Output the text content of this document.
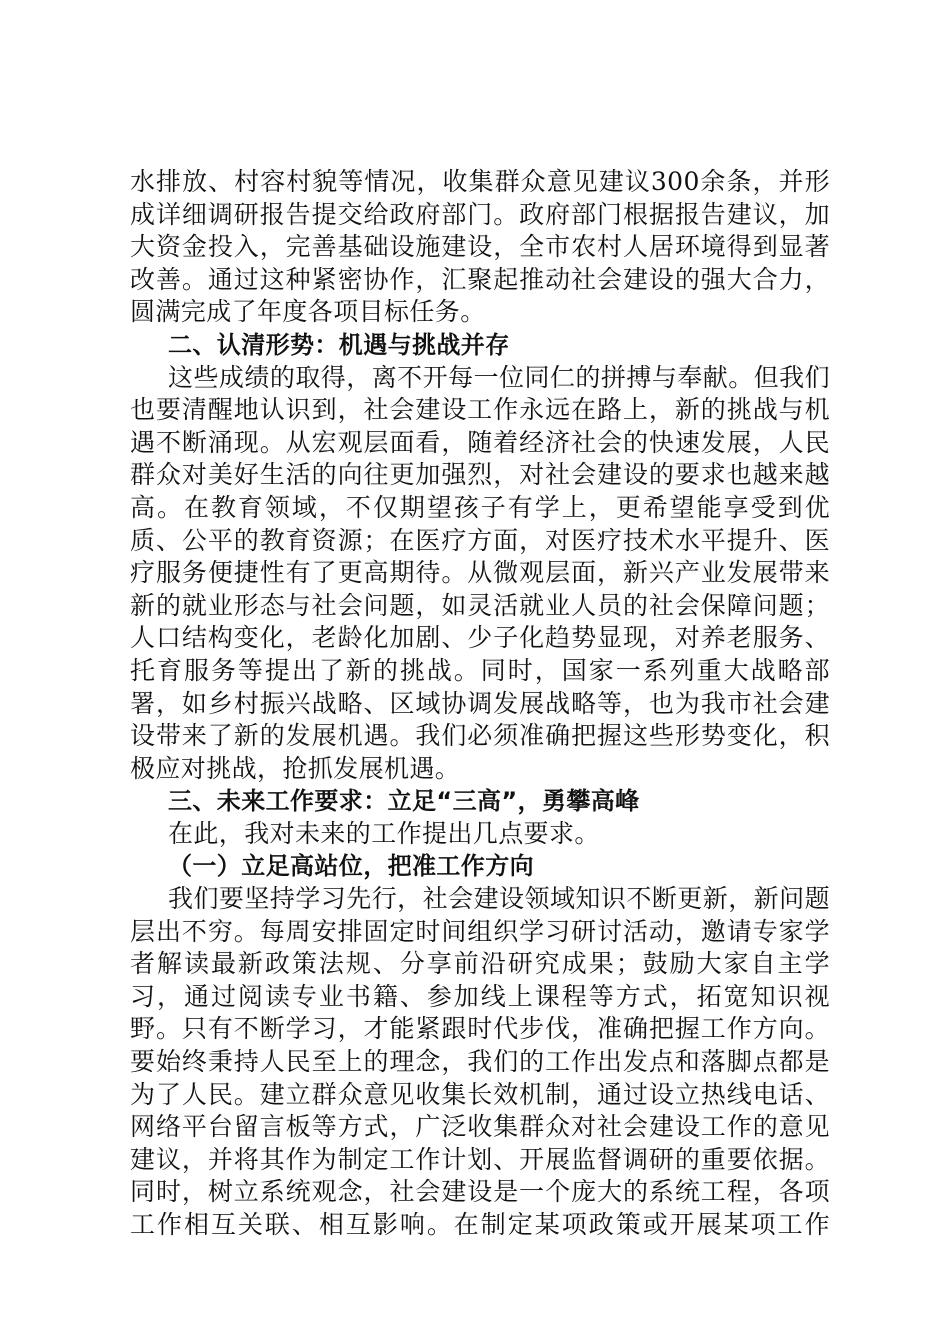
水排放、村容村貌等情况，收集群众意见建议300余条，并形
成详细调研报告提交给政府部门。政府部门根据报告建议，加
大资金投入，完善基础设施建设，全市农村人居环境得到显著
改善。通过这种紧密协作，汇聚起推动社会建设的强大合力，
圆满完成了年度各项目标任务。
二、认清形势：机遇与挑战并存
这些成绩的取得，离不开每一位同仁的拼搏与奉献。但我们
也要清醒地认识到，社会建设工作永远在路上，新的挑战与机
遇不断涌现。从宏观层面看，随着经济社会的快速发展，人民
群众对美好生活的向往更加强烈，对社会建设的要求也越来越
高。在教育领域，不仅期望孩子有学上，更希望能享受到优
质、公平的教育资源；在医疗方面，对医疗技术水平提升、医
疗服务便捷性有了更高期待。从微观层面，新兴产业发展带来
新的就业形态与社会问题，如灵活就业人员的社会保障问题；
人口结构变化，老龄化加剧、少子化趋势显现，对养老服务、
托育服务等提出了新的挑战。同时，国家一系列重大战略部
署，如乡村振兴战略、区域协调发展战略等，也为我市社会建
设带来了新的发展机遇。我们必须准确把握这些形势变化，积
极应对挑战，抢抓发展机遇。
三、未来工作要求：立足“三高”，勇攀高峰
在此，我对未来的工作提出几点要求。
（一）立足高站位，把准工作方向
我们要坚持学习先行，社会建设领域知识不断更新，新问题
层出不穷。每周安排固定时间组织学习研讨活动，邀请专家学
者解读最新政策法规、分享前沿研究成果；鼓励大家自主学
习，通过阅读专业书籍、参加线上课程等方式，拓宽知识视
野。只有不断学习，才能紧跟时代步伐，准确把握工作方向。
要始终秉持人民至上的理念，我们的工作出发点和落脚点都是
为了人民。建立群众意见收集长效机制，通过设立热线电话、
网络平台留言板等方式，广泛收集群众对社会建设工作的意见
建议，并将其作为制定工作计划、开展监督调研的重要依据。
同时，树立系统观念，社会建设是一个庞大的系统工程，各项
工作相互关联、相互影响。在制定某项政策或开展某项工作
